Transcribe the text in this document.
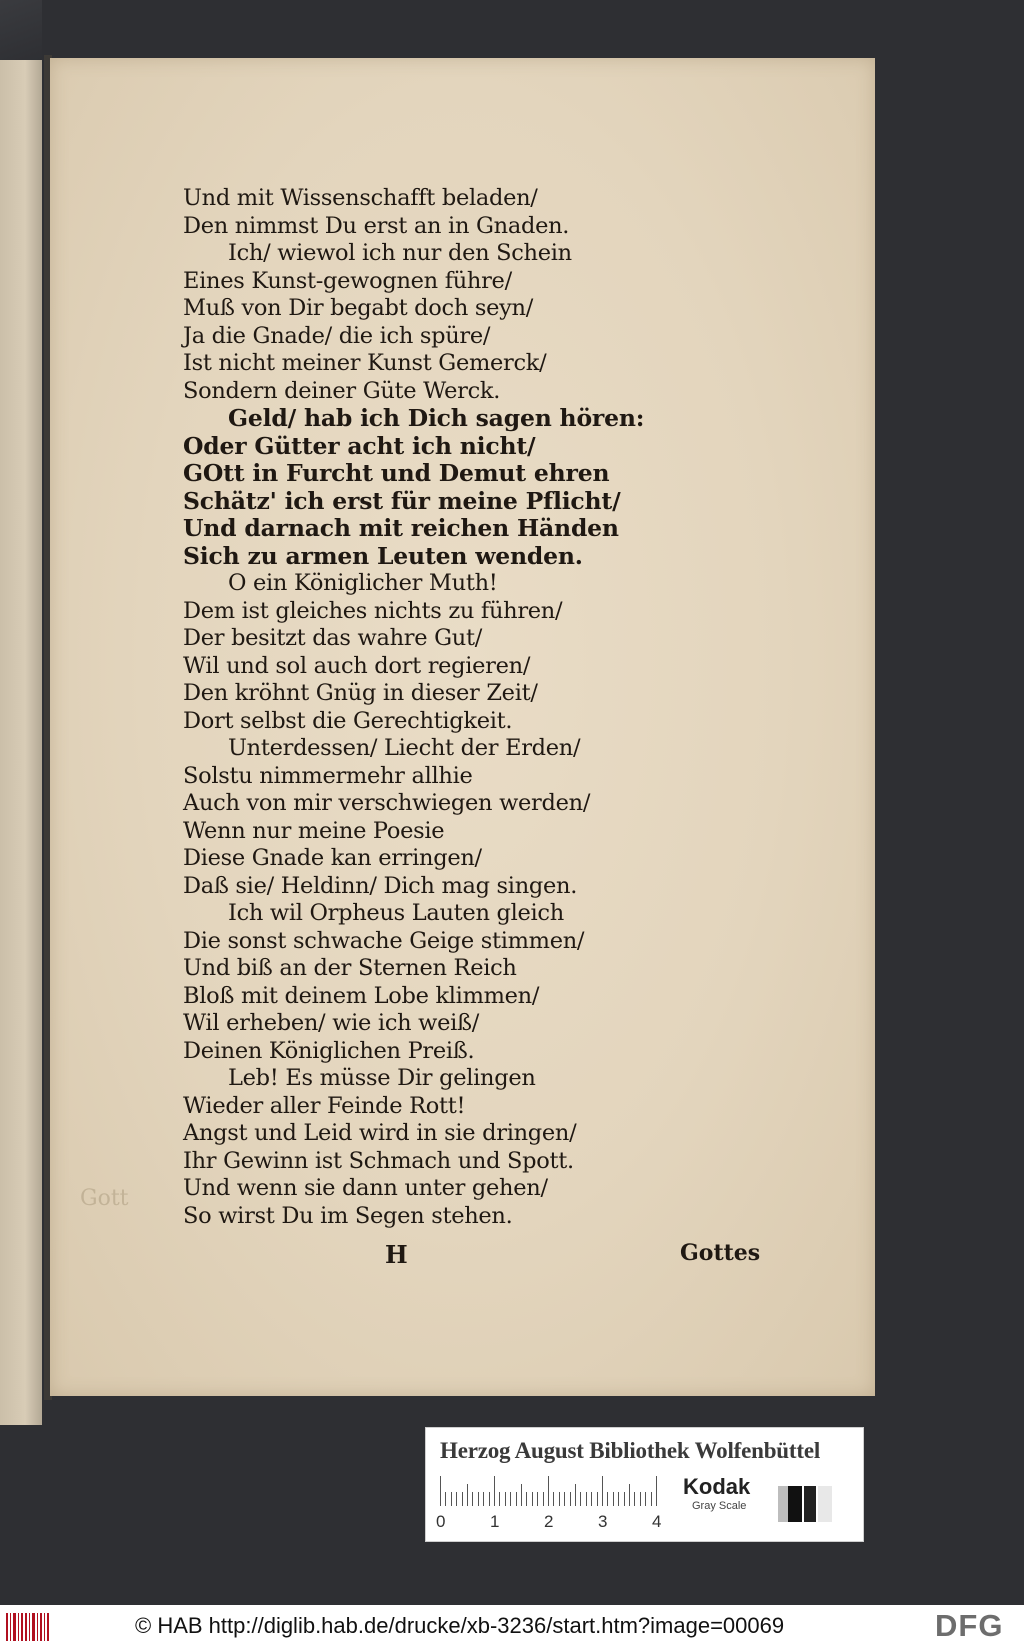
Gott
Und mit Wissenschafft beladen/
Den nimmst Du erst an in Gnaden.
Ich/ wiewol ich nur den Schein
Eines Kunst-gewognen führe/
Muß von Dir begabt doch seyn/
Ja die Gnade/ die ich spüre/
Ist nicht meiner Kunst Gemerck/
Sondern deiner Güte Werck.
Geld/ hab ich Dich sagen hören:
Oder Gütter acht ich nicht/
GOtt in Furcht und Demut ehren
Schätz' ich erst für meine Pflicht/
Und darnach mit reichen Händen
Sich zu armen Leuten wenden.
O ein Königlicher Muth!
Dem ist gleiches nichts zu führen/
Der besitzt das wahre Gut/
Wil und sol auch dort regieren/
Den kröhnt Gnüg in dieser Zeit/
Dort selbst die Gerechtigkeit.
Unterdessen/ Liecht der Erden/
Solstu nimmermehr allhie
Auch von mir verschwiegen werden/
Wenn nur meine Poesie
Diese Gnade kan erringen/
Daß sie/ Heldinn/ Dich mag singen.
Ich wil Orpheus Lauten gleich
Die sonst schwache Geige stimmen/
Und biß an der Sternen Reich
Bloß mit deinem Lobe klimmen/
Wil erheben/ wie ich weiß/
Deinen Königlichen Preiß.
Leb! Es müsse Dir gelingen
Wieder aller Feinde Rott!
Angst und Leid wird in sie dringen/
Ihr Gewinn ist Schmach und Spott.
Und wenn sie dann unter gehen/
So wirst Du im Segen stehen.
H	Gottes
Herzog August Bibliothek Wolfenbüttel
0	1	2	3	4
Kodak
Gray Scale
© HAB http://diglib.hab.de/drucke/xb-3236/start.htm?image=00069	DFG
